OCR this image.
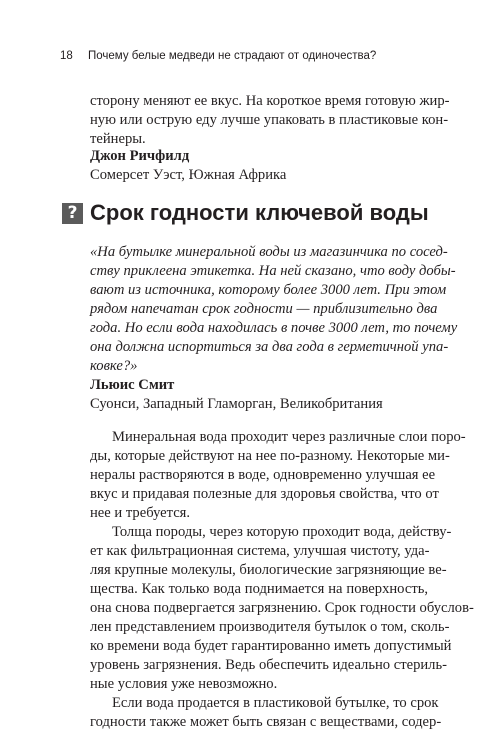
18 Почему белые медведи не страдают от одиночества?
сторону меняют ее вкус. На короткое время готовую жир-
ную или острую еду лучше упаковать в пластиковые кон-
тейнеры.
Джон Ричфилд
Сомерсет Уэст, Южная Африка
? Срок годности ключевой воды
«На бутылке минеральной воды из магазинчика по сосед-
ству приклеена этикетка. На ней сказано, что воду добы-
вают из источника, которому более 3000 лет. При этом
рядом напечатан срок годности — приблизительно два
года. Но если вода находилась в почве 3000 лет, то почему
она должна испортиться за два года в герметичной упа-
ковке?»
Льюис Смит
Суонси, Западный Гламорган, Великобритания
Минеральная вода проходит через различные слои поро-
ды, которые действуют на нее по-разному. Некоторые ми-
нералы растворяются в воде, одновременно улучшая ее
вкус и придавая полезные для здоровья свойства, что от
нее и требуется.
Толща породы, через которую проходит вода, действу-
ет как фильтрационная система, улучшая чистоту, уда-
ляя крупные молекулы, биологические загрязняющие ве-
щества. Как только вода поднимается на поверхность,
она снова подвергается загрязнению. Срок годности обуслов-
лен представлением производителя бутылок о том, сколь-
ко времени вода будет гарантированно иметь допустимый
уровень загрязнения. Ведь обеспечить идеально стериль-
ные условия уже невозможно.
Если вода продается в пластиковой бутылке, то срок
годности также может быть связан с веществами, содер-
